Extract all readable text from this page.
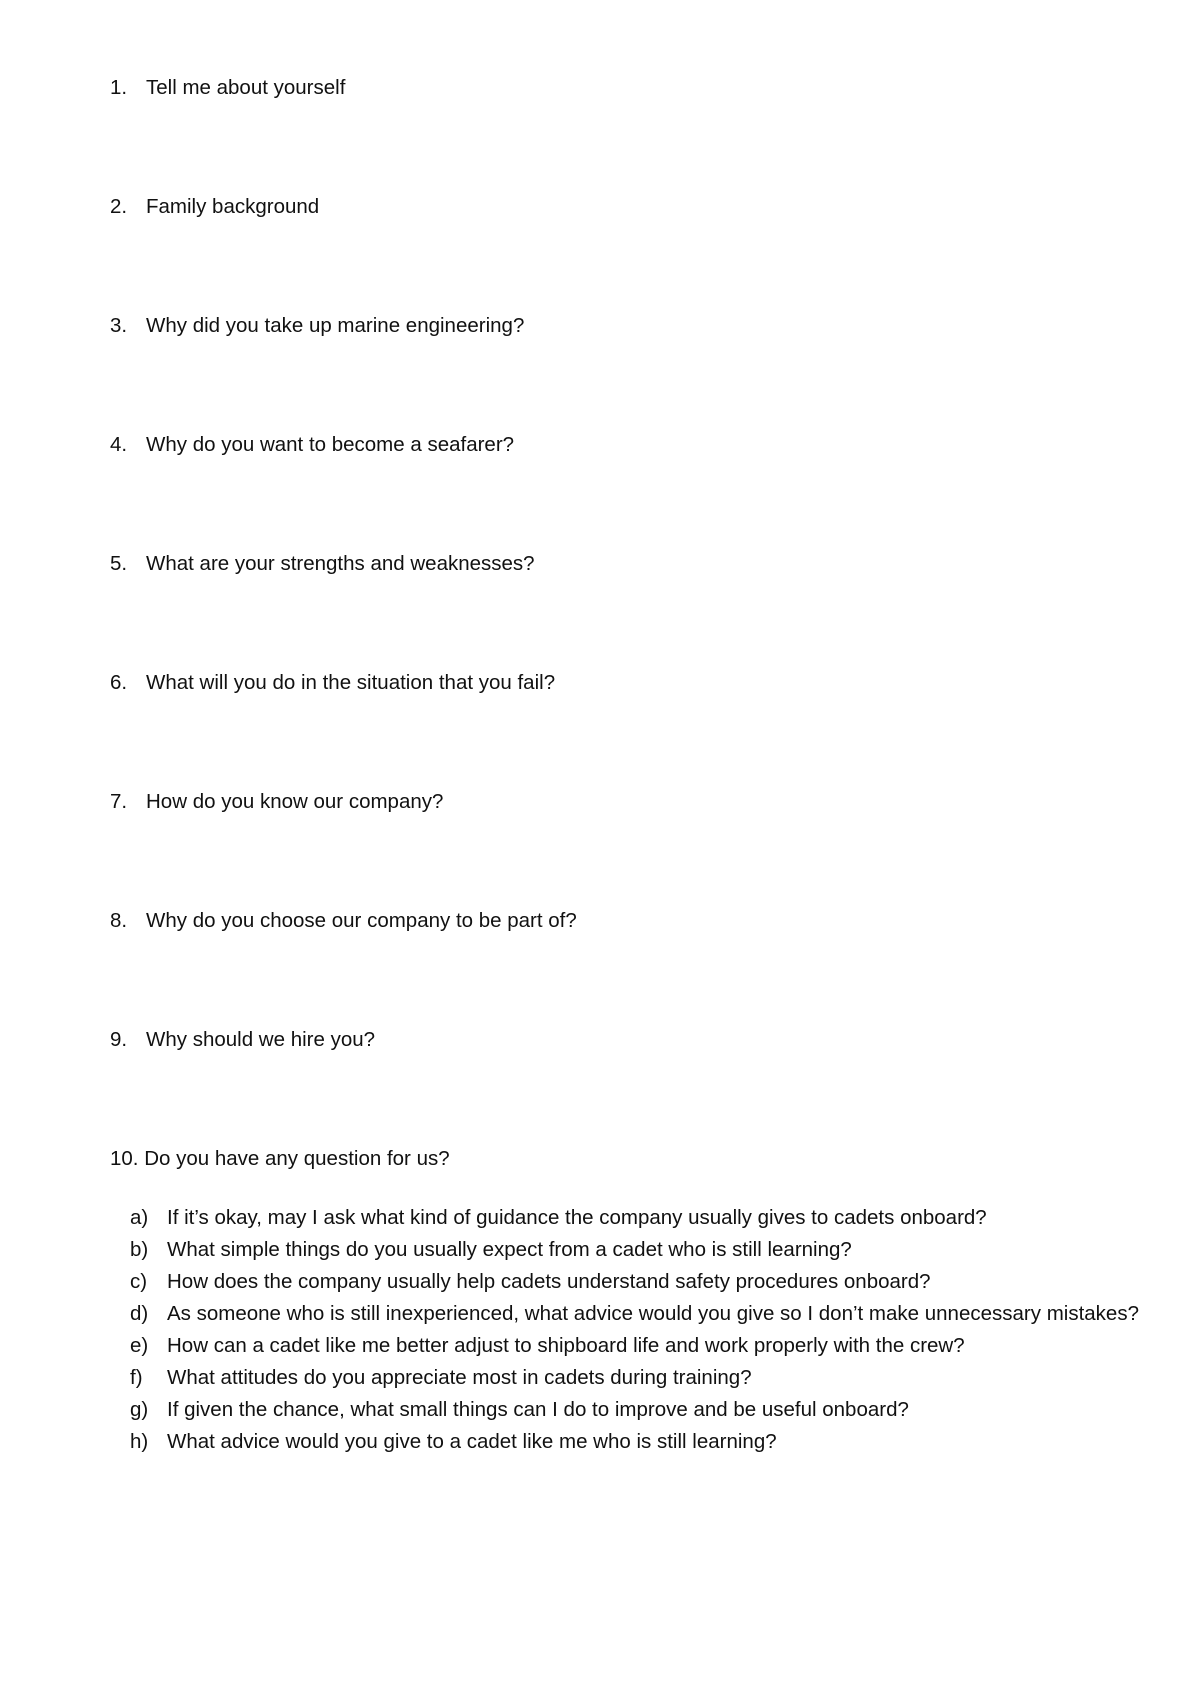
1. Tell me about yourself
2. Family background
3. Why did you take up marine engineering?
4. Why do you want to become a seafarer?
5. What are your strengths and weaknesses?
6. What will you do in the situation that you fail?
7. How do you know our company?
8. Why do you choose our company to be part of?
9. Why should we hire you?
10. Do you have any question for us?
a) If it’s okay, may I ask what kind of guidance the company usually gives to cadets onboard?
b) What simple things do you usually expect from a cadet who is still learning?
c) How does the company usually help cadets understand safety procedures onboard?
d) As someone who is still inexperienced, what advice would you give so I don’t make unnecessary mistakes?
e) How can a cadet like me better adjust to shipboard life and work properly with the crew?
f) What attitudes do you appreciate most in cadets during training?
g) If given the chance, what small things can I do to improve and be useful onboard?
h) What advice would you give to a cadet like me who is still learning?
